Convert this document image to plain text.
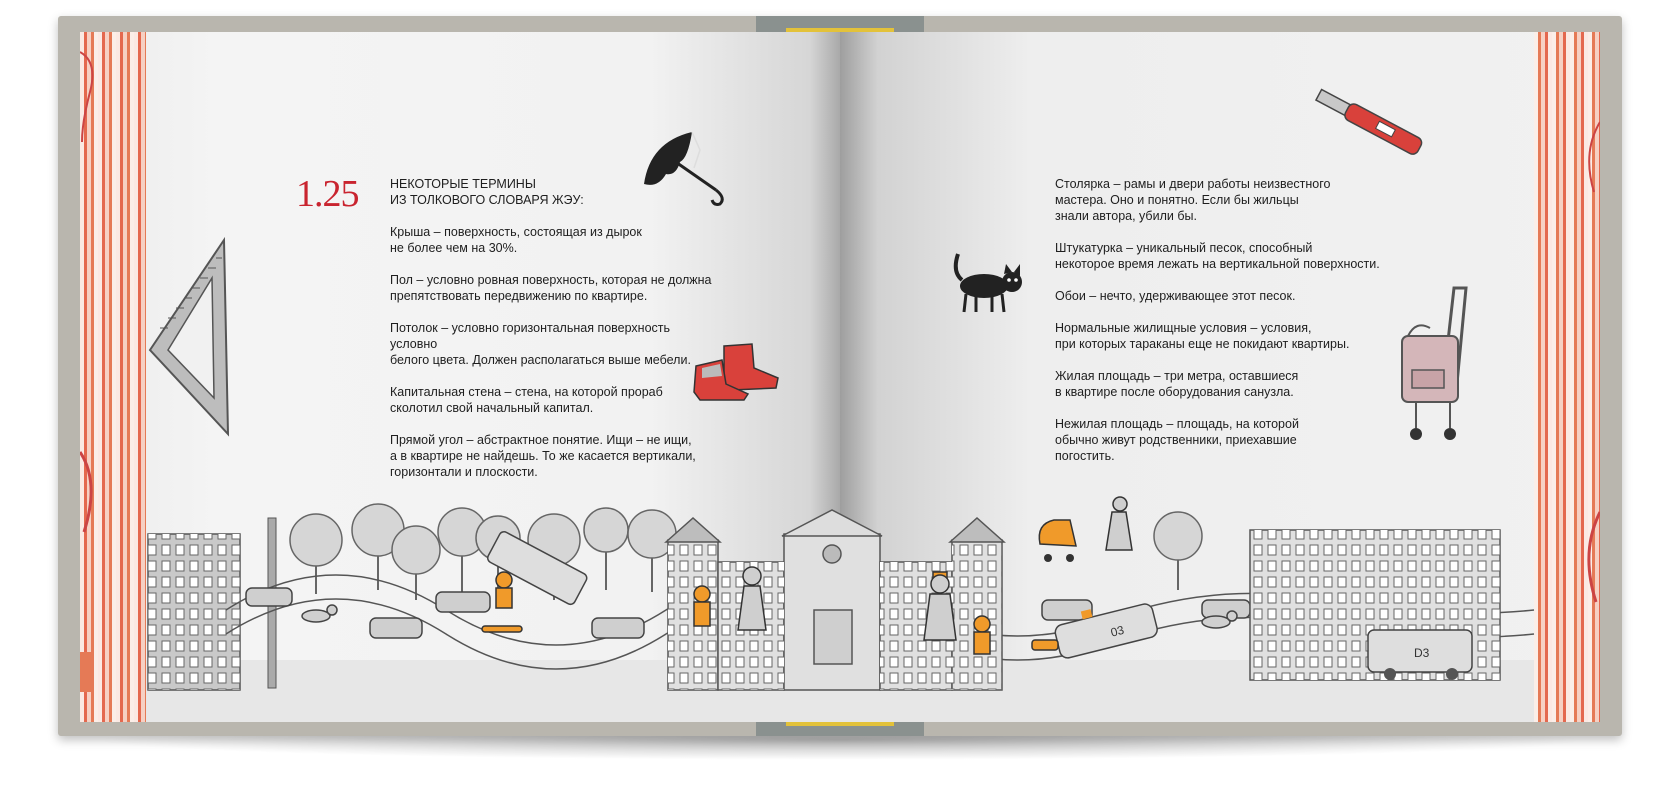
1.25	НЕКОТОРЫЕ ТЕРМИНЫ
ИЗ ТОЛКОВОГО СЛОВАРЯ ЖЭУ:

Крыша – поверхность, состоящая из дырок
не более чем на 30%.

Пол – условно ровная поверхность, которая не должна
препятствовать передвижению по квартире.

Потолок – условно горизонтальная поверхность условно
белого цвета. Должен располагаться выше мебели.

Капитальная стена – стена, на которой прораб
сколотил свой начальный капитал.

Прямой угол – абстрактное понятие. Ищи – не ищи,
а в квартире не найдешь. То же касается вертикали,
горизонтали и плоскости.

Столярка – рамы и двери работы неизвестного
мастера. Оно и понятно. Если бы жильцы
знали автора, убили бы.

Штукатурка – уникальный песок, способный
некоторое время лежать на вертикальной поверхности.

Обои – нечто, удерживающее этот песок.

Нормальные жилищные условия – условия,
при которых тараканы еще не покидают квартиры.

Жилая площадь – три метра, оставшиеся
в квартире после оборудования санузла.

Нежилая площадь – площадь, на которой
обычно живут родственники, приехавшие
погостить.

03
D3
